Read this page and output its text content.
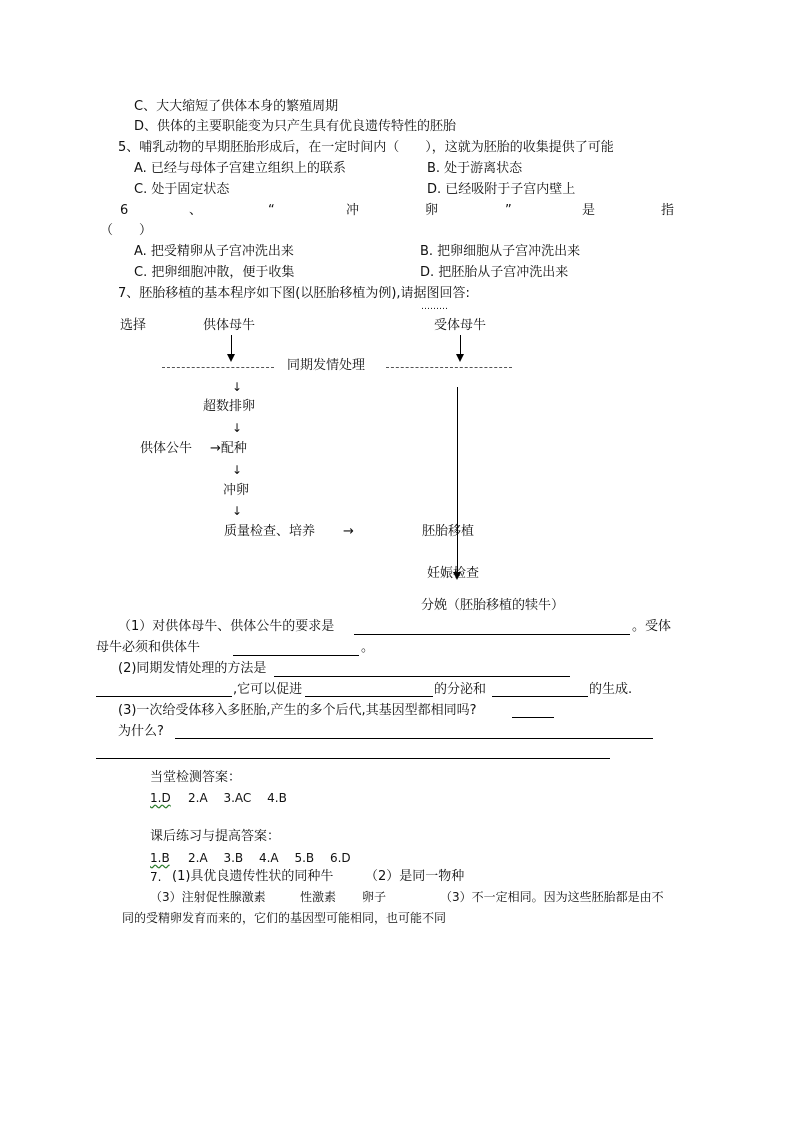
C、大大缩短了供体本身的繁殖周期
D、供体的主要职能变为只产生具有优良遗传特性的胚胎
5、哺乳动物的早期胚胎形成后，在一定时间内（　　），这就为胚胎的收集提供了可能
A. 已经与母体子宫建立组织上的联系	B. 处于游离状态
C. 处于固定状态	D. 已经吸附于子宫内壁上
6	、	“	冲	卵	”	是	指
（　　）
A. 把受精卵从子宫冲洗出来	B. 把卵细胞从子宫冲洗出来
C. 把卵细胞冲散，便于收集	D. 把胚胎从子宫冲洗出来
7、胚胎移植的基本程序如下图(以胚胎移植为例),请据图回答:
………
选择	供体母牛	受体母牛
同期发情处理
↓
超数排卵
↓
供体公牛 →配种
↓
冲卵
↓
质量检查、培养 →	胚胎移植
妊娠检查
分娩（胚胎移植的犊牛）
（1）对供体母牛、供体公牛的要求是	。受体
母牛必须和供体牛	。
(2)同期发情处理的方法是
,它可以促进	的分泌和	的生成.
(3)一次给受体移入多胚胎,产生的多个后代,其基因型都相同吗?
为什么?
当堂检测答案：
1.D 2.A　 3.AC　 4.B
课后练习与提高答案：
1.B 2.A　 3.B　 4.A　 5.B　 6.D
7. (1)具优良遗传性状的同种牛 （2）是同一物种
（3）注射促性腺激素	性激素 卵子	（3）不一定相同。因为这些胚胎都是由不
同的受精卵发育而来的，它们的基因型可能相同，也可能不同
